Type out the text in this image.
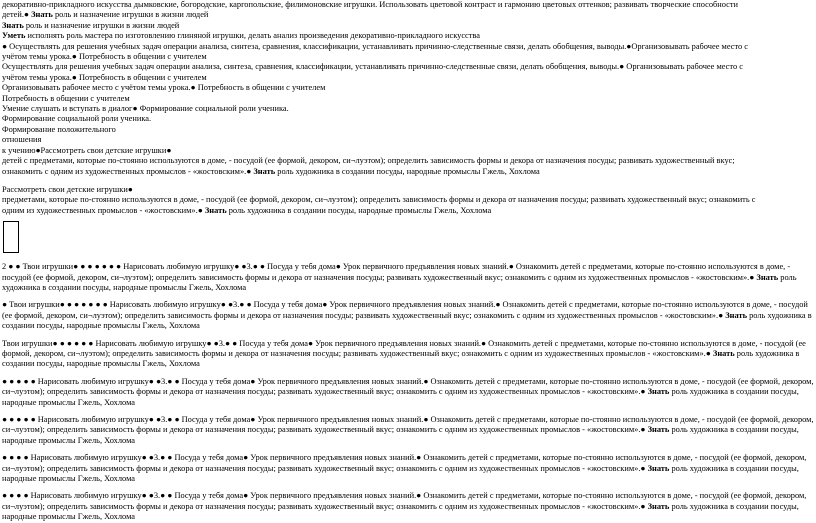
декоративно-прикладного искусства дымковские, богородские, каргопольские, филимоновские игрушки. Использовать цветовой контраст и гармонию цветовых оттенков; развивать творческие способности
детей.● Знать роль и назначение игрушки в жизни людей
Знать роль и назначение игрушки в жизни людей
Уметь исполнять роль мастера по изготовлению глиняной игрушки, делать анализ произведения декоративно-прикладного искусства
● Осуществлять для решения учебных задач операции анализа, синтеза, сравнения, классификации, устанавливать причинно-следственные связи, делать обобщения, выводы.●Организовывать рабочее место с
учётом темы урока.● Потребность в общении с учителем
Осуществлять для решения учебных задач операции анализа, синтеза, сравнения, классификации, устанавливать причинно-следственные связи, делать обобщения, выводы.● Организовывать рабочее место с
учётом темы урока.● Потребность в общении с учителем
Организовывать рабочее место с учётом темы урока.● Потребность в общении с учителем
Потребность в общении с учителем
Умение слушать и вступать в диалог● Формирование социальной роли ученика.
Формирование социальной роли ученика.
Формирование положительного
отношения
к учению●Рассмотреть свои детские игрушки●
детей с предметами, которые по-стоянно используются в доме, - посудой (ее формой, декором, си¬луэтом); определить зависимость формы и декора от назначения посуды; развивать художественный вкус;
ознакомить с одним из художественных промыслов - «жостовским».● Знать роль художника в создании посуды, народные промыслы Гжель, Хохлома
Рассмотреть свои детские игрушки●
предметами, которые по-стоянно используются в доме, - посудой (ее формой, декором, си¬луэтом); определить зависимость формы и декора от назначения посуды; развивать художественный вкус; ознакомить с
одним из художественных промыслов - «жостовским».● Знать роль художника в создании посуды, народные промыслы Гжель, Хохлома
2 ● ● Твои игрушки● ● ● ● ● ● ● Нарисовать любимую игрушку● ●3.● ● Посуда у тебя дома● Урок первичного предъявления новых знаний.● Ознакомить детей с предметами, которые по-стоянно используются в доме, - посудой (ее формой, декором, си¬луэтом); определить зависимость формы и декора от назначения посуды; развивать художественный вкус; ознакомить с одним из художественных промыслов - «жостовским».● Знать роль художника в создании посуды, народные промыслы Гжель, Хохлома
● Твои игрушки● ● ● ● ● ● ● Нарисовать любимую игрушку● ●3.● ● Посуда у тебя дома● Урок первичного предъявления новых знаний.● Ознакомить детей с предметами, которые по-стоянно используются в доме, - посудой (ее формой, декором, си¬луэтом); определить зависимость формы и декора от назначения посуды; развивать художественный вкус; ознакомить с одним из художественных промыслов - «жостовским».● Знать роль художника в создании посуды, народные промыслы Гжель, Хохлома
Твои игрушки● ● ● ● ● ● Нарисовать любимую игрушку● ●3.● ● Посуда у тебя дома● Урок первичного предъявления новых знаний.● Ознакомить детей с предметами, которые по-стоянно используются в доме, - посудой (ее формой, декором, си¬луэтом); определить зависимость формы и декора от назначения посуды; развивать художественный вкус; ознакомить с одним из художественных промыслов - «жостовским».● Знать роль художника в создании посуды, народные промыслы Гжель, Хохлома
● ● ● ● ● Нарисовать любимую игрушку● ●3.● ● Посуда у тебя дома● Урок первичного предъявления новых знаний.● Ознакомить детей с предметами, которые по-стоянно используются в доме, - посудой (ее формой, декором, си¬луэтом); определить зависимость формы и декора от назначения посуды; развивать художественный вкус; ознакомить с одним из художественных промыслов - «жостовским».● Знать роль художника в создании посуды, народные промыслы Гжель, Хохлома
● ● ● ● ● Нарисовать любимую игрушку● ●3.● ● Посуда у тебя дома● Урок первичного предъявления новых знаний.● Ознакомить детей с предметами, которые по-стоянно используются в доме, - посудой (ее формой, декором, си¬луэтом); определить зависимость формы и декора от назначения посуды; развивать художественный вкус; ознакомить с одним из художественных промыслов - «жостовским».● Знать роль художника в создании посуды, народные промыслы Гжель, Хохлома
● ● ● ● Нарисовать любимую игрушку● ●3.● ● Посуда у тебя дома● Урок первичного предъявления новых знаний.● Ознакомить детей с предметами, которые по-стоянно используются в доме, - посудой (ее формой, декором, си¬луэтом); определить зависимость формы и декора от назначения посуды; развивать художественный вкус; ознакомить с одним из художественных промыслов - «жостовским».● Знать роль художника в создании посуды, народные промыслы Гжель, Хохлома
● ● ● ● Нарисовать любимую игрушку● ●3.● ● Посуда у тебя дома● Урок первичного предъявления новых знаний.● Ознакомить детей с предметами, которые по-стоянно используются в доме, - посудой (ее формой, декором, си¬луэтом); определить зависимость формы и декора от назначения посуды; развивать художественный вкус; ознакомить с одним из художественных промыслов - «жостовским».● Знать роль художника в создании посуды, народные промыслы Гжель, Хохлома
